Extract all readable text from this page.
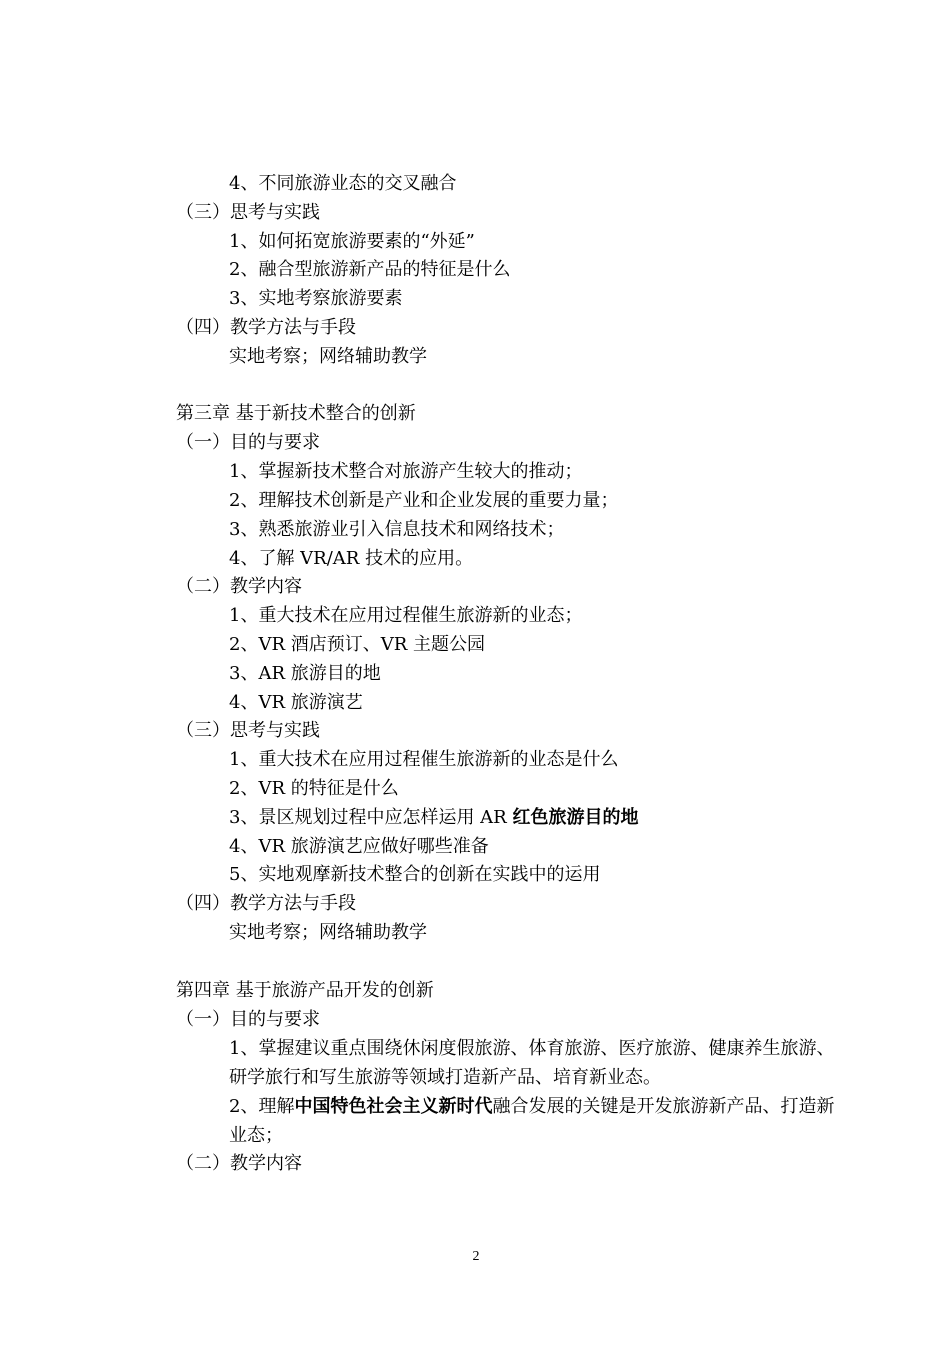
4、不同旅游业态的交叉融合
（三）思考与实践
1、如何拓宽旅游要素的“外延”
2、融合型旅游新产品的特征是什么
3、实地考察旅游要素
（四）教学方法与手段
实地考察；网络辅助教学
第三章 基于新技术整合的创新
（一）目的与要求
1、掌握新技术整合对旅游产生较大的推动；
2、理解技术创新是产业和企业发展的重要力量；
3、熟悉旅游业引入信息技术和网络技术；
4、了解 VR/AR 技术的应用。
（二）教学内容
1、重大技术在应用过程催生旅游新的业态；
2、VR 酒店预订、VR 主题公园
3、AR 旅游目的地
4、VR 旅游演艺
（三）思考与实践
1、重大技术在应用过程催生旅游新的业态是什么
2、VR 的特征是什么
3、景区规划过程中应怎样运用 AR 红色旅游目的地
4、VR 旅游演艺应做好哪些准备
5、实地观摩新技术整合的创新在实践中的运用
（四）教学方法与手段
实地考察；网络辅助教学
第四章 基于旅游产品开发的创新
（一）目的与要求
1、掌握建议重点围绕休闲度假旅游、体育旅游、医疗旅游、健康养生旅游、研学旅行和写生旅游等领域打造新产品、培育新业态。
2、理解中国特色社会主义新时代融合发展的关键是开发旅游新产品、打造新业态；
（二）教学内容
2
